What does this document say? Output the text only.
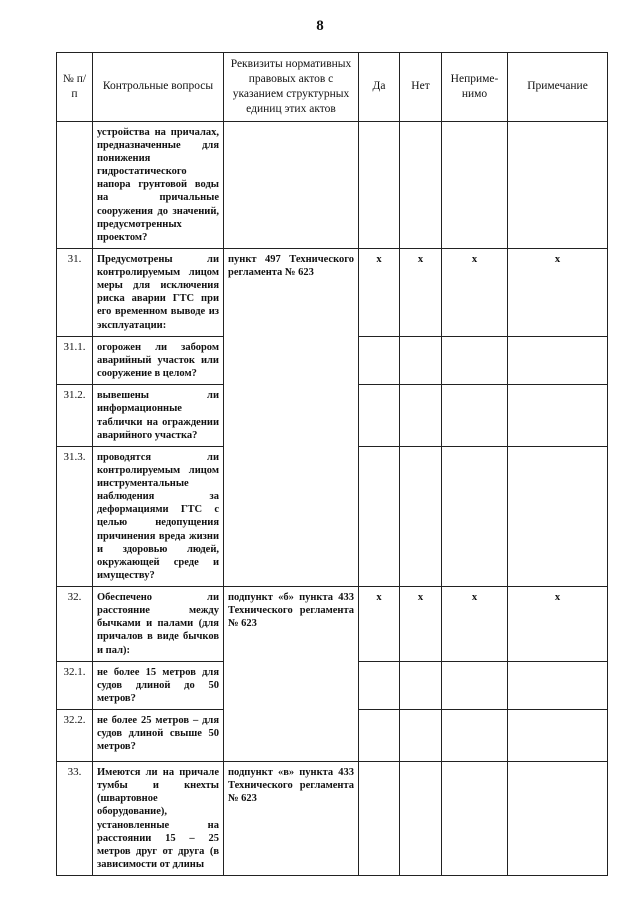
8
№ п/п	Контрольные вопросы	Реквизиты нормативных правовых актов с указанием структурных единиц этих актов	Да	Нет	Неприме-нимо	Примечание
	устройства на причалах, предназначенные для понижения гидростатического напора грунтовой воды на причальные сооружения до значений, предусмотренных проектом?					
31.	Предусмотрены ли контролируемым лицом меры для исключения риска аварии ГТС при его временном выводе из эксплуатации:	пункт 497 Технического регламента № 623	x	x	x	x
31.1.	огорожен ли забором аварийный участок или сооружение в целом?					
31.2.	вывешены ли информационные таблички на ограждении аварийного участка?					
31.3.	проводятся ли контролируемым лицом инструментальные наблюдения за деформациями ГТС с целью недопущения причинения вреда жизни и здоровью людей, окружающей среде и имуществу?					
32.	Обеспечено ли расстояние между бычками и палами (для причалов в виде бычков и пал):	подпункт «б» пункта 433 Технического регламента № 623	x	x	x	x
32.1.	не более 15 метров для судов длиной до 50 метров?					
32.2.	не более 25 метров – для судов длиной свыше 50 метров?					
33.	Имеются ли на причале тумбы и кнехты (швартовное оборудование), установленные на расстоянии 15 – 25 метров друг от друга (в зависимости от длины	подпункт «в» пункта 433 Технического регламента № 623				
